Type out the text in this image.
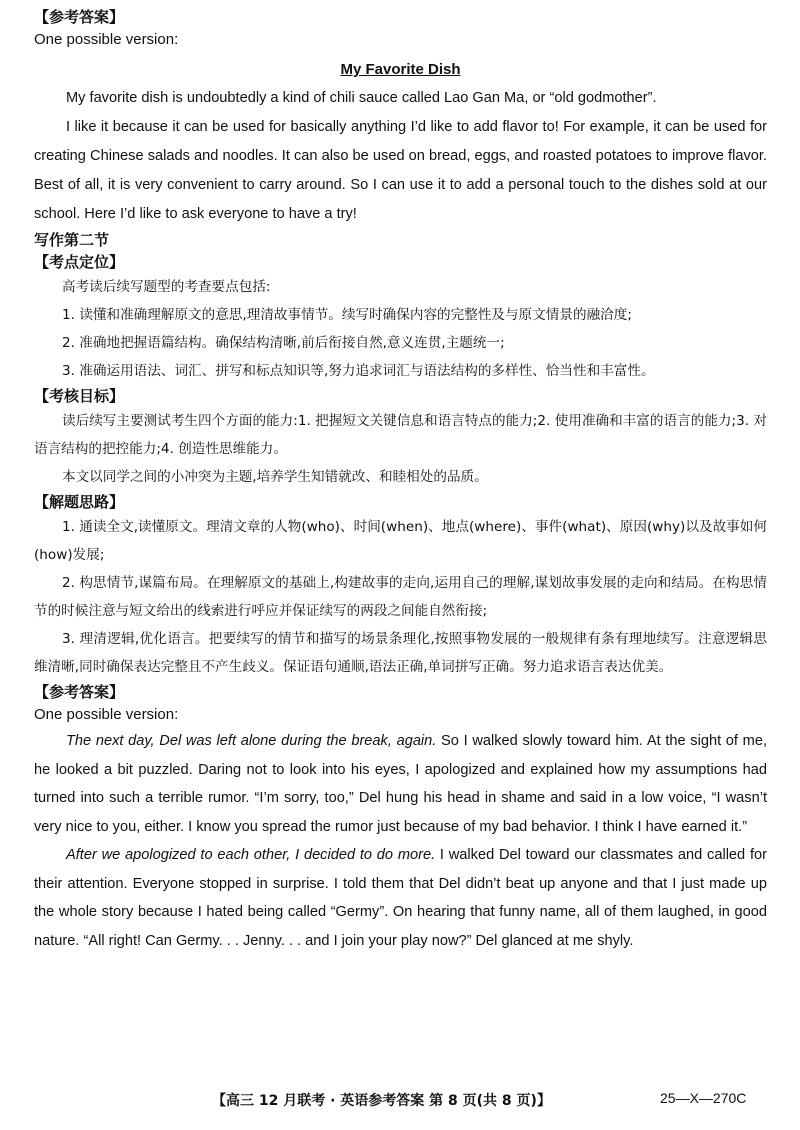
【参考答案】
One possible version:
My Favorite Dish

My favorite dish is undoubtedly a kind of chili sauce called Lao Gan Ma, or “old godmother”.

I like it because it can be used for basically anything I’d like to add flavor to! For example, it can be used for creating Chinese salads and noodles. It can also be used on bread, eggs, and roasted potatoes to improve flavor. Best of all, it is very convenient to carry around. So I can use it to add a personal touch to the dishes sold at our school. Here I’d like to ask everyone to have a try!

写作第二节
【考点定位】

高考读后续写题型的考查要点包括:

1. 读懂和准确理解原文的意思,理清故事情节。续写时确保内容的完整性及与原文情景的融洽度;

2. 准确地把握语篇结构。确保结构清晰,前后衔接自然,意义连贯,主题统一;

3. 准确运用语法、词汇、拼写和标点知识等,努力追求词汇与语法结构的多样性、恰当性和丰富性。

【考核目标】

读后续写主要测试考生四个方面的能力:1. 把握短文关键信息和语言特点的能力;2. 使用准确和丰富的语言的能力;3. 对语言结构的把控能力;4. 创造性思维能力。

本文以同学之间的小冲突为主题,培养学生知错就改、和睦相处的品质。

【解题思路】

1. 通读全文,读懂原文。理清文章的人物(who)、时间(when)、地点(where)、事件(what)、原因(why)以及故事如何(how)发展;

2. 构思情节,谋篇布局。在理解原文的基础上,构建故事的走向,运用自己的理解,谋划故事发展的走向和结局。在构思情节的时候注意与短文给出的线索进行呼应并保证续写的两段之间能自然衔接;

3. 理清逻辑,优化语言。把要续写的情节和描写的场景条理化,按照事物发展的一般规律有条有理地续写。注意逻辑思维清晰,同时确保表达完整且不产生歧义。保证语句通顺,语法正确,单词拼写正确。努力追求语言表达优美。

【参考答案】
One possible version:

The next day, Del was left alone during the break, again. So I walked slowly toward him. At the sight of me, he looked a bit puzzled. Daring not to look into his eyes, I apologized and explained how my assumptions had turned into such a terrible rumor. “I’m sorry, too,” Del hung his head in shame and said in a low voice, “I wasn’t very nice to you, either. I know you spread the rumor just because of my bad behavior. I think I have earned it.”

After we apologized to each other, I decided to do more. I walked Del toward our classmates and called for their attention. Everyone stopped in surprise. I told them that Del didn’t beat up anyone and that I just made up the whole story because I hated being called “Germy”. On hearing that funny name, all of them laughed, in good nature. “All right! Can Germy. . . Jenny. . . and I join your play now?” Del glanced at me shyly.

【高三 12 月联考 · 英语参考答案 第 8 页(共 8 页)】	25—X—270C
